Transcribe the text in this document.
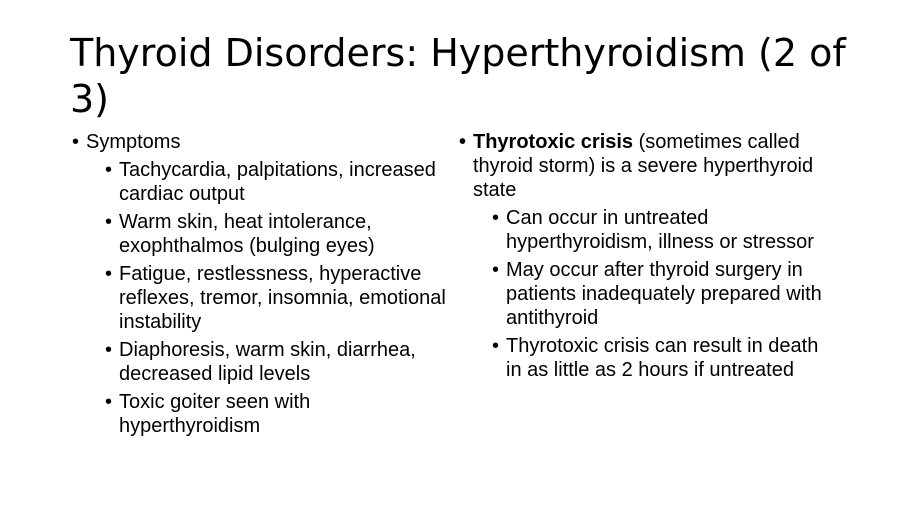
Thyroid Disorders: Hyperthyroidism (2 of 3)
• Symptoms
• Tachycardia, palpitations, increased cardiac output
• Warm skin, heat intolerance, exophthalmos (bulging eyes)
• Fatigue, restlessness, hyperactive reflexes, tremor, insomnia, emotional instability
• Diaphoresis, warm skin, diarrhea, decreased lipid levels
• Toxic goiter seen with hyperthyroidism
• Thyrotoxic crisis (sometimes called thyroid storm) is a severe hyperthyroid state
• Can occur in untreated hyperthyroidism, illness or stressor
• May occur after thyroid surgery in patients inadequately prepared with antithyroid
• Thyrotoxic crisis can result in death in as little as 2 hours if untreated
